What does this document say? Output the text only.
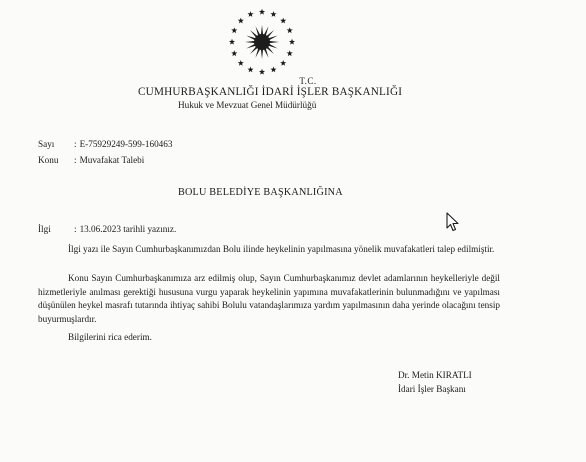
T.C.
CUMHURBAŞKANLIĞI İDARİ İŞLER BAŞKANLIĞI
Hukuk ve Mevzuat Genel Müdürlüğü
Sayı : E-75929249-599-160463
Konu : Muvafakat Talebi
BOLU BELEDİYE BAŞKANLIĞINA
İlgi	: 13.06.2023 tarihli yazınız.
İlgi yazı ile Sayın Cumhurbaşkanımızdan Bolu ilinde heykelinin yapılmasına yönelik muvafakatleri talep edilmiştir.
Konu Sayın Cumhurbaşkanımıza arz edilmiş olup, Sayın Cumhurbaşkanımız devlet adamlarının heykelleriyle değil hizmetleriyle anılması gerektiği hususuna vurgu yaparak heykelinin yapımına muvafakatlerinin bulunmadığını ve yapılması düşünülen heykel masrafı tutarında ihtiyaç sahibi Bolulu vatandaşlarımıza yardım yapılmasının daha yerinde olacağını tensip buyurmuşlardır.
Bilgilerini rica ederim.
Dr. Metin KIRATLI
İdari İşler Başkanı
